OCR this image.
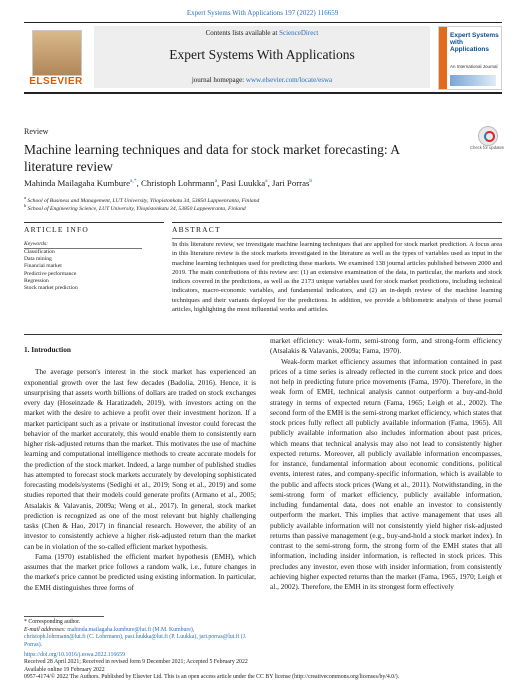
Expert Systems With Applications 197 (2022) 116659
ELSEVIER
Contents lists available at ScienceDirect
Expert Systems With Applications
journal homepage: www.elsevier.com/locate/eswa
Expert Systems with Applications
An International Journal
Review
Machine learning techniques and data for stock market forecasting: A literature review
Check for updates
Mahinda Mailagaha Kumbure$^{a,*}$, Christoph Lohrmann$^a$, Pasi Luukka$^a$, Jari Porras$^b$
$^a$ School of Business and Management, LUT University, Yliopistonkatu 34, 53850 Lappeenranta, Finland
$^b$ School of Engineering Science, LUT University, Yliopistonkatu 34, 53850 Lappeenranta, Finland
ARTICLE INFO	ABSTRACT
Keywords:
Classification
Data mining
Financial market
Predictive performance
Regression
Stock market prediction

In this literature review, we investigate machine learning techniques that are applied for stock market prediction. A focus area in this literature review is the stock markets investigated in the literature as well as the types of variables used as input in the machine learning techniques used for predicting these markets. We examined 138 journal articles published between 2000 and 2019. The main contributions of this review are: (1) an extensive examination of the data, in particular, the markets and stock indices covered in the predictions, as well as the 2173 unique variables used for stock market predictions, including technical indicators, macro-economic variables, and fundamental indicators, and (2) an in-depth review of the machine learning techniques and their variants deployed for the predictions. In addition, we provide a bibliometric analysis of these journal articles, highlighting the most influential works and articles.

1. Introduction

The average person's interest in the stock market has experienced an exponential growth over the last few decades (Badolia, 2016). Hence, it is unsurprising that assets worth billions of dollars are traded on stock exchanges every day (Hoseinzade & Haratizadeh, 2019), with investors acting on the market with the desire to achieve a profit over their investment horizon. If a market participant such as a private or institutional investor could forecast the behavior of the market accurately, this would enable them to consistently earn higher risk-adjusted returns than the market. This motivates the use of machine learning and computational intelligence methods to create accurate models for the prediction of the stock market. Indeed, a large number of published studies has attempted to forecast stock markets accurately by developing sophisticated forecasting models/systems (Sedighi et al., 2019; Song et al., 2019) and some studies reported that their models could generate profits (Armano et al., 2005; Atsalakis & Valavanis, 2009a; Weng et al., 2017). In general, stock market prediction is recognized as one of the most relevant but highly challenging tasks (Chen & Hao, 2017) in financial research. However, the ability of an investor to consistently achieve a higher risk-adjusted return than the market can be in violation of the so-called efficient market hypothesis.

Fama (1970) established the efficient market hypothesis (EMH), which assumes that the market price follows a random walk, i.e., future changes in the market's price cannot be predicted using existing information. In particular, the EMH distinguishes three forms of

market efficiency: weak-form, semi-strong form, and strong-form efficiency (Atsalakis & Valavanis, 2009a; Fama, 1970).

Weak-form market efficiency assumes that information contained in past prices of a time series is already reflected in the current stock price and does not help in predicting future price movements (Fama, 1970). Therefore, in the weak form of EMH, technical analysis cannot outperform a buy-and-hold strategy in terms of expected return (Fama, 1965; Leigh et al., 2002). The second form of the EMH is the semi-strong market efficiency, which states that stock prices fully reflect all publicly available information (Fama, 1965). All publicly available information also includes information about past prices, which means that technical analysis may also not lead to consistently higher expected returns. Moreover, all publicly available information encompasses, for instance, fundamental information about economic conditions, political events, interest rates, and company-specific information, which is available to the public and affects stock prices (Wang et al., 2011). Notwithstanding, in the semi-strong form of market efficiency, publicly available information, including fundamental data, does not enable an investor to consistently outperform the market. This implies that active management that uses all publicly available information will not consistently yield higher risk-adjusted returns than passive management (e.g., buy-and-hold a stock market index). In contrast to the semi-strong form, the strong form of the EMH states that all information, including insider information, is reflected in stock prices. This precludes any investor, even those with insider information, from consistently achieving higher expected returns than the market (Fama, 1965, 1970; Leigh et al., 2002). Therefore, the EMH in its strongest form effectively

* Corresponding author.

E-mail addresses: mahinda.mailagaha.kumbure@lut.fi (M.M. Kumbure), christoph.lohrmann@lut.fi (C. Lohrmann), pasi.luukka@lut.fi (P. Luukka), jari.porras@lut.fi (J. Porras).

https://doi.org/10.1016/j.eswa.2022.116659

Received 28 April 2021; Received in revised form 9 December 2021; Accepted 5 February 2022

Available online 19 February 2022

0957-4174/© 2022 The Authors. Published by Elsevier Ltd. This is an open access article under the CC BY license (http://creativecommons.org/licenses/by/4.0/).
